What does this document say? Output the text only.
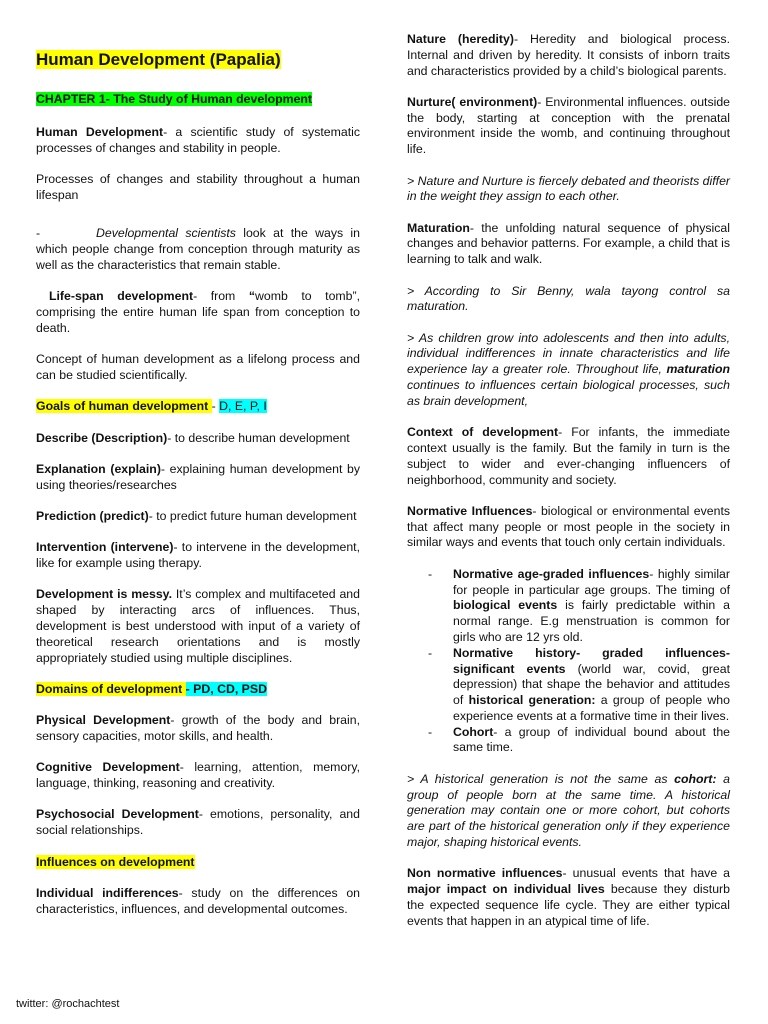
Human Development (Papalia)
CHAPTER 1- The Study of Human development

Human Development- a scientific study of systematic processes of changes and stability in people.

Processes of changes and stability throughout a human lifespan

-	Developmental scientists look at the ways in which people change from conception through maturity as well as the characteristics that remain stable.

Life-span development- from “womb to tomb”, comprising the entire human life span from conception to death.

Concept of human development as a lifelong process and can be studied scientifically.

Goals of human development - D, E, P, I

Describe (Description)- to describe human development

Explanation (explain)- explaining human development by using theories/researches

Prediction (predict)- to predict future human development

Intervention (intervene)- to intervene in the development, like for example using therapy.

Development is messy. It’s complex and multifaceted and shaped by interacting arcs of influences. Thus, development is best understood with input of a variety of theoretical research orientations and is mostly appropriately studied using multiple disciplines.

Domains of development - PD, CD, PSD

Physical Development- growth of the body and brain, sensory capacities, motor skills, and health.

Cognitive Development- learning, attention, memory, language, thinking, reasoning and creativity.

Psychosocial Development- emotions, personality, and social relationships.

Influences on development

Individual indifferences- study on the differences on characteristics, influences, and developmental outcomes.

Nature (heredity)- Heredity and biological process. Internal and driven by heredity. It consists of inborn traits and characteristics provided by a child’s biological parents.

Nurture( environment)- Environmental influences. outside the body, starting at conception with the prenatal environment inside the womb, and continuing throughout life.

> Nature and Nurture is fiercely debated and theorists differ in the weight they assign to each other.

Maturation- the unfolding natural sequence of physical changes and behavior patterns. For example, a child that is learning to talk and walk.

> According to Sir Benny, wala tayong control sa maturation.

> As children grow into adolescents and then into adults, individual indifferences in innate characteristics and life experience lay a greater role. Throughout life, maturation continues to influences certain biological processes, such as brain development,

Context of development- For infants, the immediate context usually is the family. But the family in turn is the subject to wider and ever-changing influencers of neighborhood, community and society.

Normative Influences- biological or environmental events that affect many people or most people in the society in similar ways and events that touch only certain individuals.

- Normative age-graded influences- highly similar for people in particular age groups. The timing of biological events is fairly predictable within a normal range. E.g menstruation is common for girls who are 12 yrs old.
- Normative history- graded influences- significant events (world war, covid, great depression) that shape the behavior and attitudes of historical generation: a group of people who experience events at a formative time in their lives.
- Cohort- a group of individual bound about the same time.

> A historical generation is not the same as cohort: a group of people born at the same time. A historical generation may contain one or more cohort, but cohorts are part of the historical generation only if they experience major, shaping historical events.

Non normative influences- unusual events that have a major impact on individual lives because they disturb the expected sequence life cycle. They are either typical events that happen in an atypical time of life.

twitter: @rochachtest
